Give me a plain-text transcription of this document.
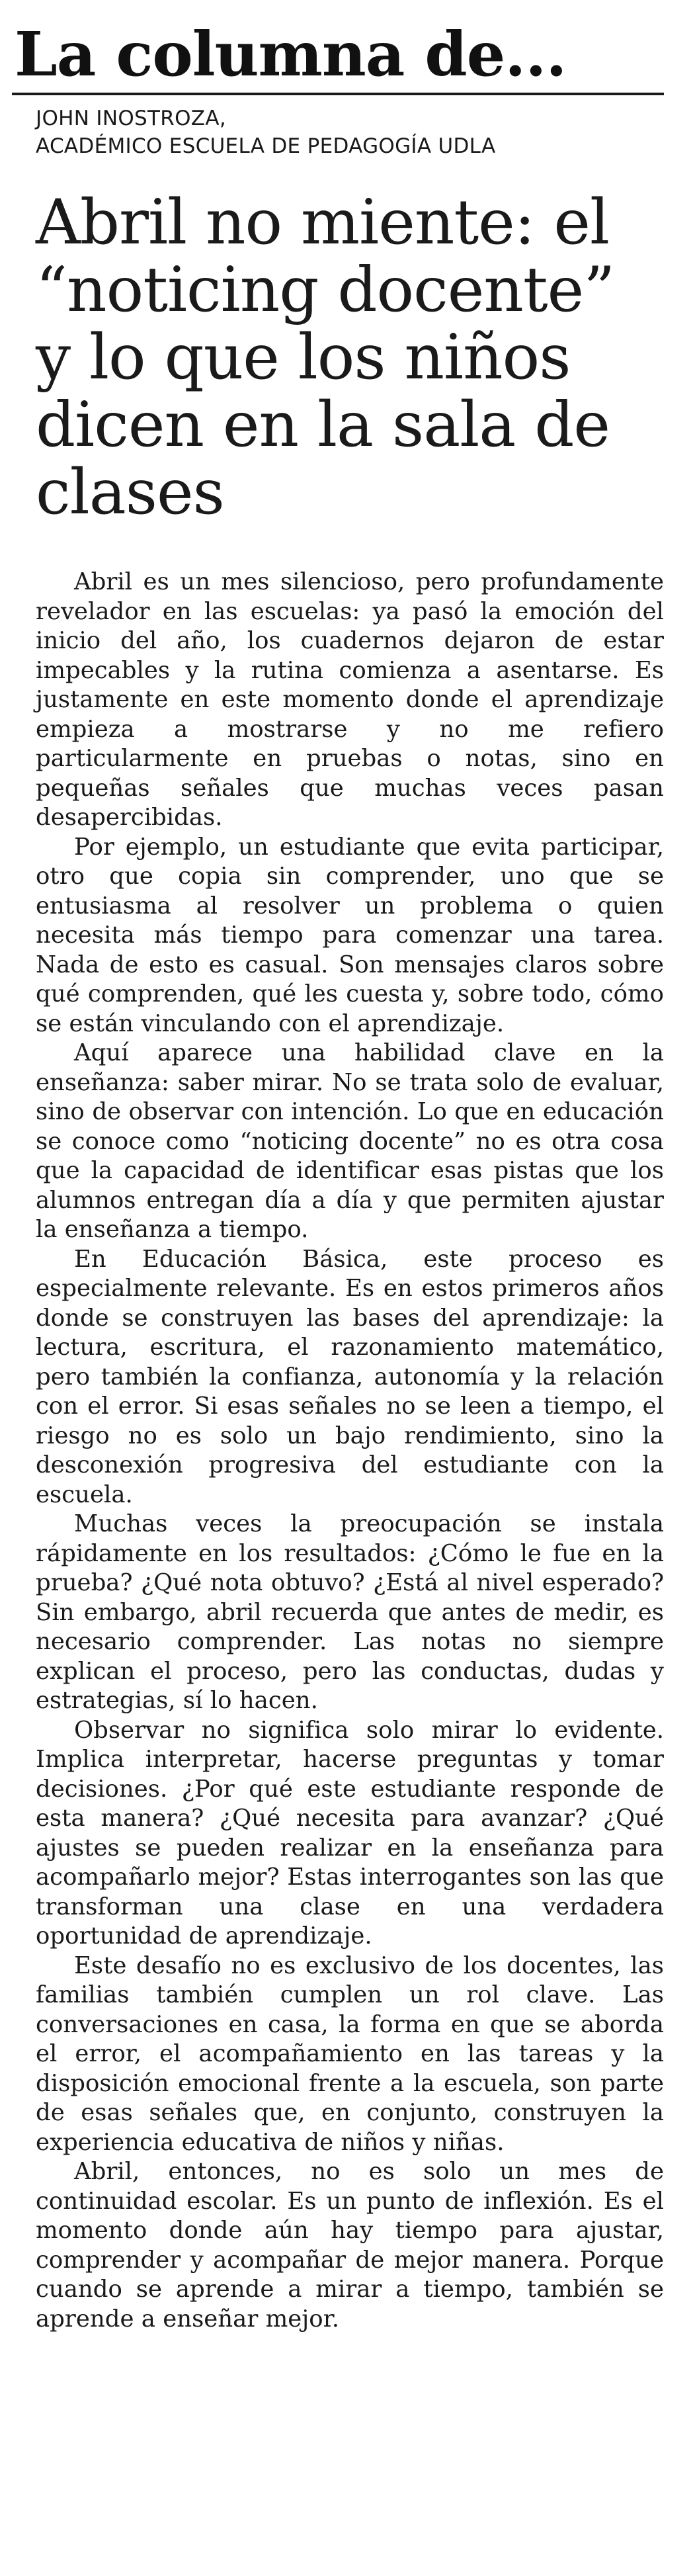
La columna de...
JOHN INOSTROZA,
ACADÉMICO ESCUELA DE PEDAGOGÍA UDLA
Abril no miente: el “noticing docente” y lo que los niños dicen en la sala de clases

Abril es un mes silencioso, pero profundamente revelador en las escuelas: ya pasó la emoción del inicio del año, los cuadernos dejaron de estar impecables y la rutina comienza a asentarse. Es justamente en este momento donde el aprendizaje empieza a mostrarse y no me refiero particularmente en pruebas o notas, sino en pequeñas señales que muchas veces pasan desapercibidas.

Por ejemplo, un estudiante que evita participar, otro que copia sin comprender, uno que se entusiasma al resolver un problema o quien necesita más tiempo para comenzar una tarea. Nada de esto es casual. Son mensajes claros sobre qué comprenden, qué les cuesta y, sobre todo, cómo se están vinculando con el aprendizaje.

Aquí aparece una habilidad clave en la enseñanza: saber mirar. No se trata solo de evaluar, sino de observar con intención. Lo que en educación se conoce como “noticing docente” no es otra cosa que la capacidad de identificar esas pistas que los alumnos entregan día a día y que permiten ajustar la enseñanza a tiempo.

En Educación Básica, este proceso es especialmente relevante. Es en estos primeros años donde se construyen las bases del aprendizaje: la lectura, escritura, el razonamiento matemático, pero también la confianza, autonomía y la relación con el error. Si esas señales no se leen a tiempo, el riesgo no es solo un bajo rendimiento, sino la desconexión progresiva del estudiante con la escuela.

Muchas veces la preocupación se instala rápidamente en los resultados: ¿Cómo le fue en la prueba? ¿Qué nota obtuvo? ¿Está al nivel esperado? Sin embargo, abril recuerda que antes de medir, es necesario comprender. Las notas no siempre explican el proceso, pero las conductas, dudas y estrategias, sí lo hacen.

Observar no significa solo mirar lo evidente. Implica interpretar, hacerse preguntas y tomar decisiones. ¿Por qué este estudiante responde de esta manera? ¿Qué necesita para avanzar? ¿Qué ajustes se pueden realizar en la enseñanza para acompañarlo mejor? Estas interrogantes son las que transforman una clase en una verdadera oportunidad de aprendizaje.

Este desafío no es exclusivo de los docentes, las familias también cumplen un rol clave. Las conversaciones en casa, la forma en que se aborda el error, el acompañamiento en las tareas y la disposición emocional frente a la escuela, son parte de esas señales que, en conjunto, construyen la experiencia educativa de niños y niñas.

Abril, entonces, no es solo un mes de continuidad escolar. Es un punto de inflexión. Es el momento donde aún hay tiempo para ajustar, comprender y acompañar de mejor manera. Porque cuando se aprende a mirar a tiempo, también se aprende a enseñar mejor.
